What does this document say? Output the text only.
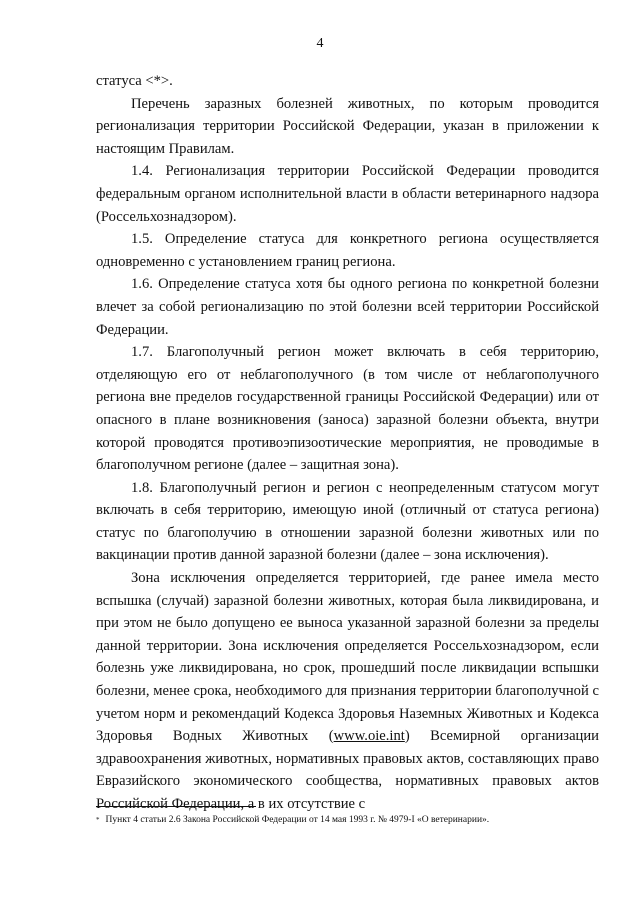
4

статуса <*>.

Перечень заразных болезней животных, по которым проводится регионализация территории Российской Федерации, указан в приложении к настоящим Правилам.

1.4. Регионализация территории Российской Федерации проводится федеральным органом исполнительной власти в области ветеринарного надзора (Россельхознадзором).

1.5. Определение статуса для конкретного региона осуществляется одновременно с установлением границ региона.

1.6. Определение статуса хотя бы одного региона по конкретной болезни влечет за собой регионализацию по этой болезни всей территории Российской Федерации.

1.7. Благополучный регион может включать в себя территорию, отделяющую его от неблагополучного (в том числе от неблагополучного региона вне пределов государственной границы Российской Федерации) или от опасного в плане возникновения (заноса) заразной болезни объекта, внутри которой проводятся противоэпизоотические мероприятия, не проводимые в благополучном регионе (далее – защитная зона).

1.8. Благополучный регион и регион с неопределенным статусом могут включать в себя территорию, имеющую иной (отличный от статуса региона) статус по благополучию в отношении заразной болезни животных или по вакцинации против данной заразной болезни (далее – зона исключения).

Зона исключения определяется территорией, где ранее имела место вспышка (случай) заразной болезни животных, которая была ликвидирована, и при этом не было допущено ее выноса указанной заразной болезни за пределы данной территории. Зона исключения определяется Россельхознадзором, если болезнь уже ликвидирована, но срок, прошедший после ликвидации вспышки болезни, менее срока, необходимого для признания территории благополучной с учетом норм и рекомендаций Кодекса Здоровья Наземных Животных и Кодекса Здоровья Водных Животных (www.oie.int) Всемирной организации здравоохранения животных, нормативных правовых актов, составляющих право Евразийского экономического сообщества, нормативных правовых актов Российской Федерации, а в их отсутствие с

* Пункт 4 статьи 2.6 Закона Российской Федерации от 14 мая 1993 г. № 4979-I «О ветеринарии».
